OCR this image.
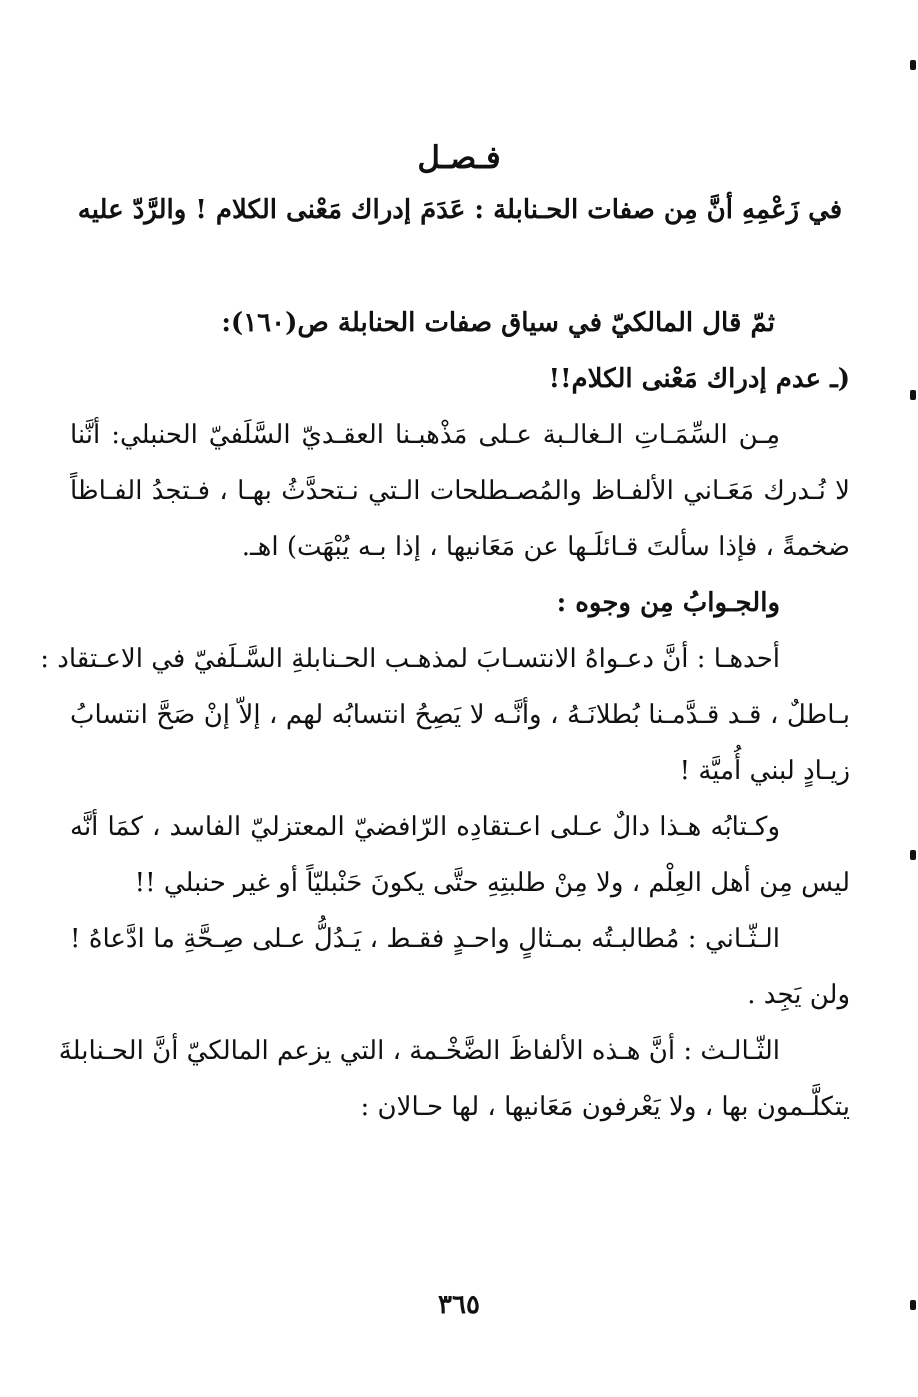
فـصـل
في زَعْمِهِ أنَّ مِن صفات الحـنابلة : عَدَمَ إدراك مَعْنى الكلام ! والرَّدّ عليه
ثمّ قال المالكيّ في سياق صفات الحنابلة ص(١٦٠):
(ـ عدم إدراك مَعْنى الكلام!!
مِـن السِّمَـاتِ الـغالـبة عـلى مَذْهبـنا العقـديّ السَّلَفيّ الحنبلي: أنَّنا
لا نُـدرك مَعَـاني الألفـاظ والمُصـطلحات الـتي نـتحدَّثُ بهـا ، فـتجدُ الفـاظاً
ضخمةً ، فإذا سألتَ قـائلَـها عن مَعَانيها ، إذا بـه يُبْهَت) اهـ.
والجـوابُ مِن وجوه :
أحدهـا : أنَّ دعـواهُ الانتسـابَ لمذهـب الحـنابلةِ السَّـلَفيّ في الاعـتقاد :
بـاطلٌ ، قـد قـدَّمـنا بُطلانَـهُ ، وأنَّـه لا يَصِحُ انتسابُه لهم ، إلاّ إنْ صَحَّ انتسابُ
زيـادٍ لبني أُميَّة !
وكـتابُه هـذا دالٌ عـلى اعـتقادِه الرّافضيّ المعتزليّ الفاسد ، كمَا أنَّه
ليس مِن أهل العِلْم ، ولا مِنْ طلبتِهِ حتَّى يكونَ حَنْبليّاً أو غير حنبلي !!
الـثّـاني : مُطالبـتُه بمـثالٍ واحـدٍ فقـط ، يَـدُلُّ عـلى صِـحَّةِ ما ادَّعاهُ !
ولن يَجِد .
الثّـالـث : أنَّ هـذه الألفاظَ الضَّخْـمة ، التي يزعم المالكيّ أنَّ الحـنابلةَ
يتكلَّـمون بها ، ولا يَعْرفون مَعَانيها ، لها حـالان :
٣٦٥
